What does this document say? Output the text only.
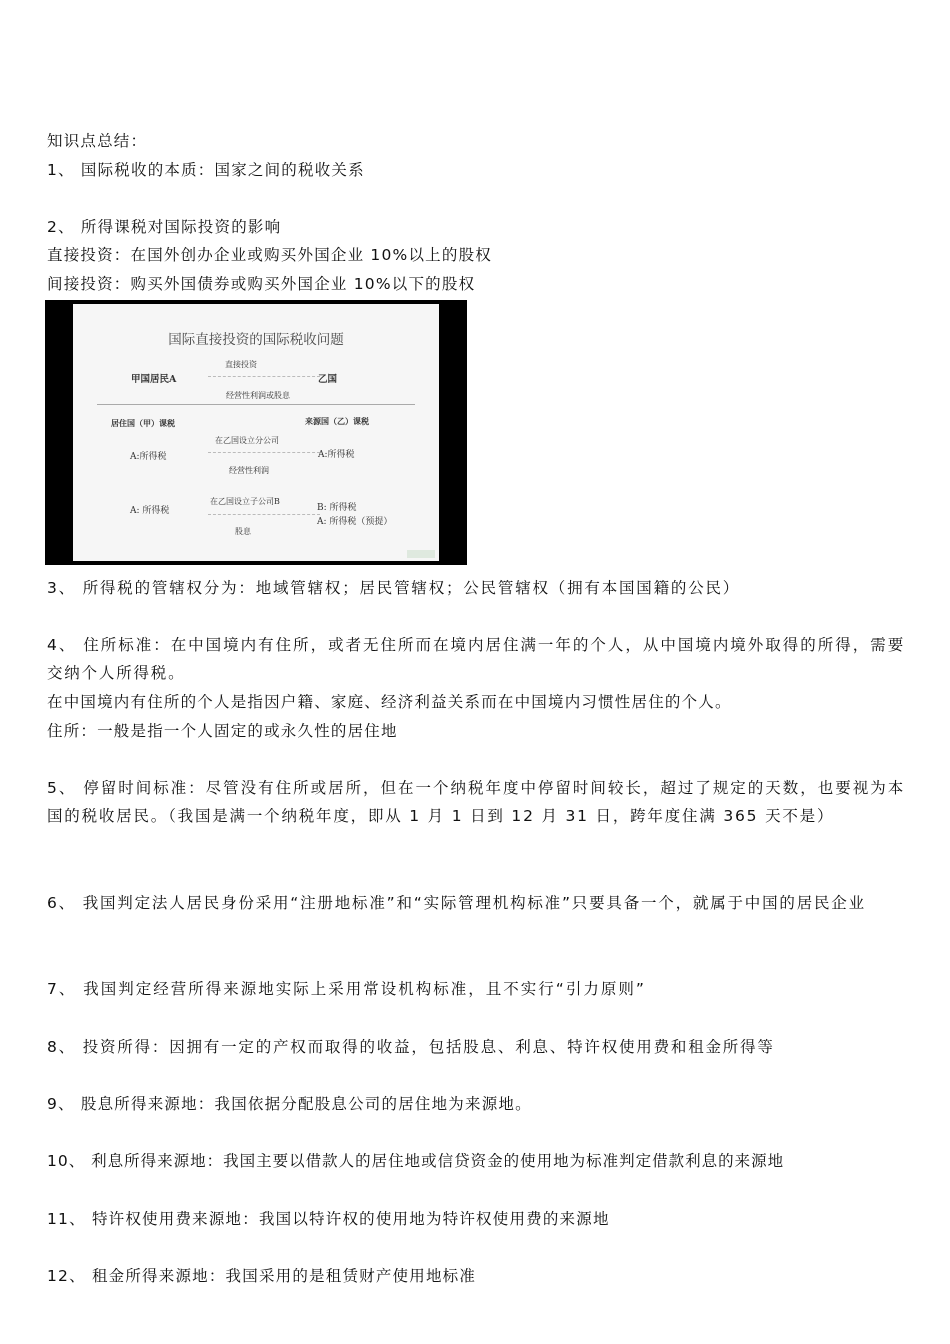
知识点总结：
1、 国际税收的本质：国家之间的税收关系
2、 所得课税对国际投资的影响
直接投资：在国外创办企业或购买外国企业 10%以上的股权
间接投资：购买外国债券或购买外国企业 10%以下的股权
国际直接投资的国际税收问题
直接投资
甲国居民A	乙国
经营性利润或股息
居住国（甲）课税	来源国（乙）课税
在乙国设立分公司
A:所得税	A:所得税
经营性利润
在乙国设立子公司B
A: 所得税	B: 所得税
A: 所得税（预提）
股息
3、 所得税的管辖权分为：地域管辖权；居民管辖权；公民管辖权（拥有本国国籍的公民）
4、 住所标准：在中国境内有住所，或者无住所而在境内居住满一年的个人，从中国境内境外取得的所得，需要交纳个人所得税。
在中国境内有住所的个人是指因户籍、家庭、经济利益关系而在中国境内习惯性居住的个人。
住所：一般是指一个人固定的或永久性的居住地
5、 停留时间标准：尽管没有住所或居所，但在一个纳税年度中停留时间较长，超过了规定的天数，也要视为本国的税收居民。（我国是满一个纳税年度，即从 1 月 1 日到 12 月 31 日，跨年度住满 365 天不是）
6、 我国判定法人居民身份采用“注册地标准”和“实际管理机构标准”只要具备一个，就属于中国的居民企业
7、 我国判定经营所得来源地实际上采用常设机构标准，且不实行“引力原则”
8、 投资所得：因拥有一定的产权而取得的收益，包括股息、利息、特许权使用费和租金所得等
9、 股息所得来源地：我国依据分配股息公司的居住地为来源地。
10、 利息所得来源地：我国主要以借款人的居住地或信贷资金的使用地为标准判定借款利息的来源地
11、 特许权使用费来源地：我国以特许权的使用地为特许权使用费的来源地
12、 租金所得来源地：我国采用的是租赁财产使用地标准
